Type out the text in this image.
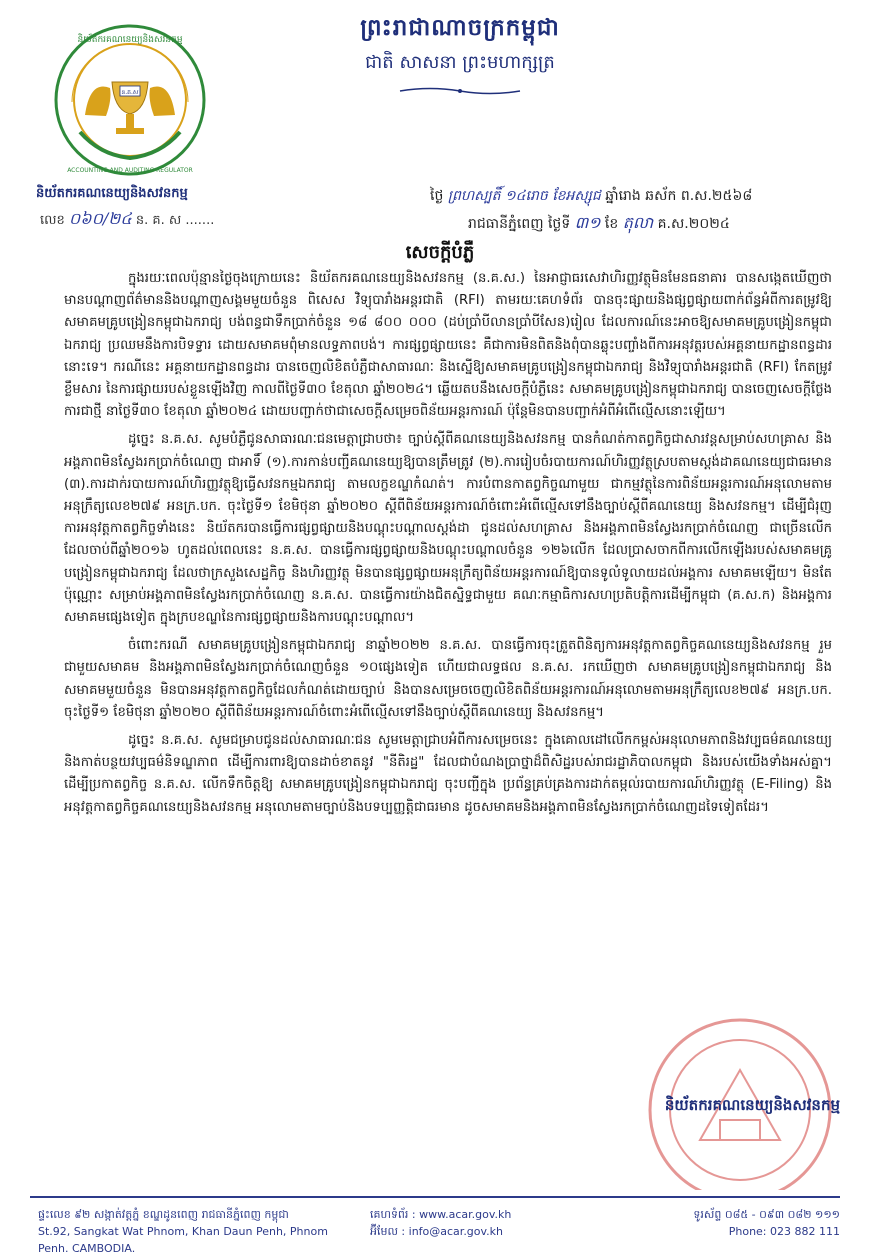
ន.គ.ស
និយ័តករគណនេយ្យនិងសវនកម្ម
ACCOUNTING AND AUDITING REGULATOR
និយ័តករគណនេយ្យនិងសវនកម្ម
លេខ ០៦០/២៤ ន. គ. ស .......
ព្រះរាជាណាចក្រកម្ពុជា
ជាតិ សាសនា ព្រះមហាក្សត្រ
ថ្ងៃ ព្រហស្បតិ៍ ១៤រោច ខែអស្សុជ ឆ្នាំរោង ឆស័ក ព.ស.២៥៦៨
រាជធានីភ្នំពេញ ថ្ងៃទី ៣១ ខែ តុលា គ.ស.២០២៤
សេចក្ដីបំភ្លឺ

ក្នុងរយៈពេលប៉ុន្មានថ្ងៃចុងក្រោយនេះ និយ័តករគណនេយ្យនិងសវនកម្ម (ន.គ.ស.) នៃអាជ្ញាធរសេវាហិរញ្ញវត្ថុមិនមែនធនាគារ បានសង្កេតឃើញថា មានបណ្ដាញព័ត៌មាននិងបណ្ដាញសង្គមមួយចំនួន ពិសេស វិទ្យុបារាំងអន្តរជាតិ (RFI) តាមរយៈគេហទំព័រ បានចុះផ្សាយនិងផ្សព្វផ្សាយពាក់ព័ន្ធអំពីការតម្រូវឱ្យ សមាគមគ្រូបង្រៀនកម្ពុជាឯករាជ្យ បង់ពន្ធជាទឹកប្រាក់ចំនួន ១៨ ៨០០ ០០០ (ដប់ប្រាំបីលានប្រាំបីសែន)រៀល ដែលការណ៍នេះអាចឱ្យសមាគមគ្រូបង្រៀនកម្ពុជាឯករាជ្យ ប្រឈមនឹងការបិទទ្វារ ដោយសមាគមពុំមានលទ្ធភាពបង់។ ការផ្សព្វផ្សាយនេះ គឺជាការមិនពិតនិងពុំបានឆ្លុះបញ្ចាំងពីការអនុវត្តរបស់អគ្គនាយកដ្ឋានពន្ធដារនោះទេ។ ករណីនេះ អគ្គនាយកដ្ឋានពន្ធដារ បានចេញលិខិតបំភ្លឺជាសាធារណៈ និងស្នើឱ្យសមាគមគ្រូបង្រៀនកម្ពុជាឯករាជ្យ និងវិទ្យុបារាំងអន្តរជាតិ (RFI) កែតម្រូវខ្លឹមសារ នៃការផ្សាយរបស់ខ្លួនឡើងវិញ កាលពីថ្ងៃទី៣០ ខែតុលា ឆ្នាំ២០២៤។ ឆ្លើយតបនឹងសេចក្ដីបំភ្លឺនេះ សមាគមគ្រូបង្រៀនកម្ពុជាឯករាជ្យ បានចេញសេចក្ដីថ្លែងការជាថ្មី នាថ្ងៃទី៣០ ខែតុលា ឆ្នាំ២០២៤ ដោយបញ្ជាក់ថាជាសេចក្ដីសម្រេចពិន័យអន្តរការណ៍ ប៉ុន្តែមិនបានបញ្ជាក់អំពីអំពើល្មើសនោះឡើយ។

ដូច្នេះ ន.គ.ស. សូមបំភ្លឺជូនសាធារណៈជនមេត្តាជ្រាបថា៖ ច្បាប់ស្ដីពីគណនេយ្យនិងសវនកម្ម បានកំណត់កាតព្វកិច្ចជាសារវន្តសម្រាប់សហគ្រាស និងអង្គភាពមិនស្វែងរកប្រាក់ចំណេញ ជាអាទិ៍ (១).ការកាន់បញ្ជីគណនេយ្យឱ្យបានត្រឹមត្រូវ (២).ការរៀបចំរបាយការណ៍ហិរញ្ញវត្ថុស្របតាមស្តង់ដាគណនេយ្យជាធរមាន (៣).ការដាក់របាយការណ៍ហិរញ្ញវត្ថុឱ្យធ្វើសវនកម្មឯករាជ្យ តាមលក្ខខណ្ឌកំណត់។ ការបំពានកាតព្វកិច្ចណាមួយ ជាកម្មវត្ថុនៃការពិន័យអន្តរការណ៍អនុលោមតាម អនុក្រឹត្យលេខ២៧៩ អនក្រ.បក. ចុះថ្ងៃទី១ ខែមិថុនា ឆ្នាំ២០២០ ស្ដីពីពិន័យអន្តរការណ៍ចំពោះអំពើល្មើសទៅនឹងច្បាប់ស្ដីពីគណនេយ្យ និងសវនកម្ម។ ដើម្បីជំរុញការអនុវត្តកាតព្វកិច្ចទាំងនេះ និយ័តករបានធ្វើការផ្សព្វផ្សាយនិងបណ្ដុះបណ្ដាលស្តង់ដា ជូនដល់សហគ្រាស និងអង្គភាពមិនស្វែងរកប្រាក់ចំណេញ ជាច្រើនលើក ដែលចាប់ពីឆ្នាំ២០១៦ ហូតដល់ពេលនេះ ន.គ.ស. បានធ្វើការផ្សព្វផ្សាយនិងបណ្ដុះបណ្ដាលចំនួន ១២៦លើក ដែលប្រាសចាកពីការលើកឡើងរបស់សមាគមគ្រូបង្រៀនកម្ពុជាឯករាជ្យ ដែលថាក្រសួងសេដ្ឋកិច្ច និងហិរញ្ញវត្ថុ មិនបានផ្សព្វផ្សាយអនុក្រឹត្យពិន័យអន្តរការណ៍ឱ្យបានទូលំទូលាយដល់អង្គការ សមាគមឡើយ។ មិនតែប៉ុណ្ណោះ សម្រាប់អង្គភាពមិនស្វែងរកប្រាក់ចំណេញ ន.គ.ស. បានធ្វើការយ៉ាងជិតស្និទ្ធជាមួយ គណៈកម្មាធិការសហប្រតិបត្តិការដើម្បីកម្ពុជា (គ.ស.ក) និងអង្គការ សមាគមផ្សេងទៀត ក្នុងក្របខណ្ឌនៃការផ្សព្វផ្សាយនិងការបណ្ដុះបណ្ដាល។

ចំពោះករណី សមាគមគ្រូបង្រៀនកម្ពុជាឯករាជ្យ នាឆ្នាំ២០២២ ន.គ.ស. បានធ្វើការចុះត្រួតពិនិត្យការអនុវត្តកាតព្វកិច្ចគណនេយ្យនិងសវនកម្ម រួមជាមួយសមាគម និងអង្គភាពមិនស្វែងរកប្រាក់ចំណេញចំនួន ១០ផ្សេងទៀត ហើយជាលទ្ធផល ន.គ.ស. រកឃើញថា សមាគមគ្រូបង្រៀនកម្ពុជាឯករាជ្យ និងសមាគមមួយចំនួន មិនបានអនុវត្តកាតព្វកិច្ចដែលកំណត់ដោយច្បាប់ និងបានសម្រេចចេញលិខិតពិន័យអន្តរការណ៍អនុលោមតាមអនុក្រឹត្យលេខ២៧៩ អនក្រ.បក. ចុះថ្ងៃទី១ ខែមិថុនា ឆ្នាំ២០២០ ស្ដីពីពិន័យអន្តរការណ៍ចំពោះអំពើល្មើសទៅនឹងច្បាប់ស្ដីពីគណនេយ្យ និងសវនកម្ម។

ដូច្នេះ ន.គ.ស. សូមជម្រាបជូនដល់សាធារណៈជន សូមមេត្តាជ្រាបអំពីការសម្រេចនេះ ក្នុងគោលដៅលើកកម្ពស់អនុលោមភាពនិងវប្បធម៌គណនេយ្យ និងកាត់បន្ថយវប្បធម៌និទណ្ឌភាព ដើម្បីការពារឱ្យបានដាច់ខាតនូវ "នីតិរដ្ឋ" ដែលជាបំណងប្រាថ្នាដ៏ពិសិដ្ឋរបស់រាជរដ្ឋាភិបាលកម្ពុជា និងរបស់យើងទាំងអស់គ្នា។ ដើម្បីប្រកាតព្វកិច្ច ន.គ.ស. លើកទឹកចិត្តឱ្យ សមាគមគ្រូបង្រៀនកម្ពុជាឯករាជ្យ ចុះបញ្ជីក្នុង ប្រព័ន្ធគ្រប់គ្រងការដាក់តម្កល់របាយការណ៍ហិរញ្ញវត្ថុ (E-Filing) និងអនុវត្តកាតព្វកិច្ចគណនេយ្យនិងសវនកម្ម អនុលោមតាមច្បាប់និងបទប្បញ្ញត្តិជាធរមាន ដូចសមាគមនិងអង្គភាពមិនស្វែងរកប្រាក់ចំណេញដទៃទៀតដែរ។

និយ័តករគណនេយ្យនិងសវនកម្ម
ផ្ទះលេខ ៩២ សង្កាត់វត្តភ្នំ ខណ្ឌដូនពេញ រាជធានីភ្នំពេញ កម្ពុជា
St.92, Sangkat Wat Phnom, Khan Daun Penh, Phnom Penh. CAMBODIA.
គេហទំព័រ : www.acar.gov.kh
អ៊ីមែល : info@acar.gov.kh
ទូរស័ព្ទ ០៨៥ - ០៩៣ ០៨២ ១១១
Phone: 023 882 111
